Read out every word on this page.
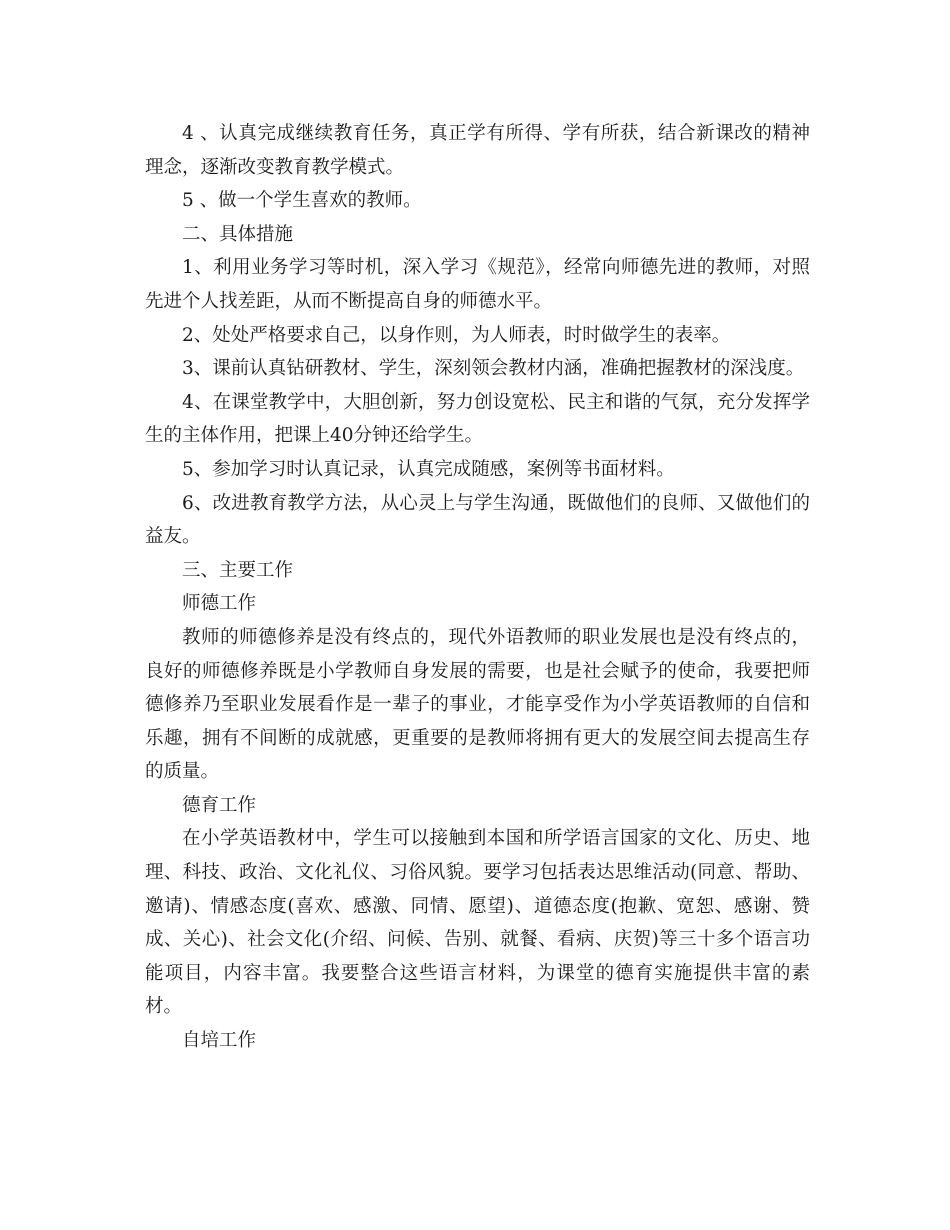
4 、认真完成继续教育任务，真正学有所得、学有所获，结合新课改的精神理念，逐渐改变教育教学模式。

5 、做一个学生喜欢的教师。

二、具体措施

1、利用业务学习等时机，深入学习《规范》，经常向师德先进的教师，对照先进个人找差距，从而不断提高自身的师德水平。

2、处处严格要求自己，以身作则，为人师表，时时做学生的表率。

3、课前认真钻研教材、学生，深刻领会教材内涵，准确把握教材的深浅度。

4、在课堂教学中，大胆创新，努力创设宽松、民主和谐的气氛，充分发挥学生的主体作用，把课上40分钟还给学生。

5、参加学习时认真记录，认真完成随感，案例等书面材料。

6、改进教育教学方法，从心灵上与学生沟通，既做他们的良师、又做他们的益友。

三、主要工作

师德工作

教师的师德修养是没有终点的，现代外语教师的职业发展也是没有终点的，良好的师德修养既是小学教师自身发展的需要，也是社会赋予的使命，我要把师德修养乃至职业发展看作是一辈子的事业，才能享受作为小学英语教师的自信和乐趣，拥有不间断的成就感，更重要的是教师将拥有更大的发展空间去提高生存的质量。

德育工作

在小学英语教材中，学生可以接触到本国和所学语言国家的文化、历史、地理、科技、政治、文化礼仪、习俗风貌。要学习包括表达思维活动(同意、帮助、邀请)、情感态度(喜欢、感激、同情、愿望)、道德态度(抱歉、宽恕、感谢、赞成、关心)、社会文化(介绍、问候、告别、就餐、看病、庆贺)等三十多个语言功能项目，内容丰富。我要整合这些语言材料，为课堂的德育实施提供丰富的素材。

自培工作
